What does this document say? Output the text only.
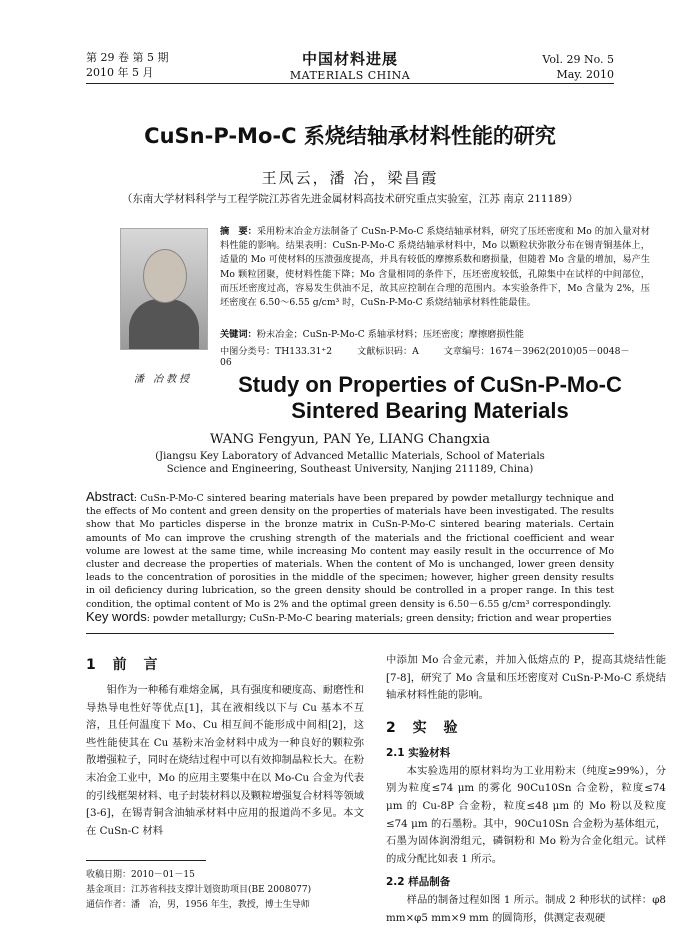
第 29 卷 第 5 期
2010 年 5 月
中国材料进展
MATERIALS CHINA
Vol. 29 No. 5
May. 2010
CuSn-P-Mo-C 系烧结轴承材料性能的研究
王凤云，潘 冶，梁昌霞
（东南大学材料科学与工程学院江苏省先进金属材料高技术研究重点实验室，江苏 南京 211189）
潘 冶教授
摘　要：采用粉末冶金方法制备了 CuSn-P-Mo-C 系烧结轴承材料，研究了压坯密度和 Mo 的加入量对材料性能的影响。结果表明：CuSn-P-Mo-C 系烧结轴承材料中，Mo 以颗粒状弥散分布在锡青铜基体上，适量的 Mo 可使材料的压溃强度提高，并具有较低的摩擦系数和磨损量，但随着 Mo 含量的增加，易产生 Mo 颗粒团聚，使材料性能下降；Mo 含量相同的条件下，压坯密度较低，孔隙集中在试样的中间部位，而压坯密度过高，容易发生供油不足，故其应控制在合理的范围内。本实验条件下，Mo 含量为 2%，压坯密度在 6.50～6.55 g/cm³ 时，CuSn-P-Mo-C 系烧结轴承材料性能最佳。
关键词：粉末冶金；CuSn-P-Mo-C 系轴承材料；压坯密度；摩擦磨损性能
中图分类号：TH133.31⁺2	文献标识码：A	文章编号：1674－3962(2010)05－0048－06
Study on Properties of CuSn-P-Mo-C Sintered Bearing Materials
WANG Fengyun, PAN Ye, LIANG Changxia
(Jiangsu Key Laboratory of Advanced Metallic Materials, School of Materials
Science and Engineering, Southeast University, Nanjing 211189, China)
Abstract: CuSn-P-Mo-C sintered bearing materials have been prepared by powder metallurgy technique and the effects of Mo content and green density on the properties of materials have been investigated. The results show that Mo particles disperse in the bronze matrix in CuSn-P-Mo-C sintered bearing materials. Certain amounts of Mo can improve the crushing strength of the materials and the frictional coefficient and wear volume are lowest at the same time, while increasing Mo content may easily result in the occurrence of Mo cluster and decrease the properties of materials. When the content of Mo is unchanged, lower green density leads to the concentration of porosities in the middle of the specimen; however, higher green density results in oil deficiency during lubrication, so the green density should be controlled in a proper range. In this test condition, the optimal content of Mo is 2% and the optimal green density is 6.50－6.55 g/cm³ correspondingly.
Key words: powder metallurgy; CuSn-P-Mo-C bearing materials; green density; friction and wear properties
1 前 言

钼作为一种稀有难熔金属，具有强度和硬度高、耐磨性和导热导电性好等优点[1]，其在液相线以下与 Cu 基本不互溶，且任何温度下 Mo、Cu 相互间不能形成中间相[2]，这些性能使其在 Cu 基粉末冶金材料中成为一种良好的颗粒弥散增强粒子，同时在烧结过程中可以有效抑制晶粒长大。在粉末冶金工业中，Mo 的应用主要集中在以 Mo-Cu 合金为代表的引线框架材料、电子封装材料以及颗粒增强复合材料等领域[3-6]，在锡青铜含油轴承材料中应用的报道尚不多见。本文在 CuSn-C 材料

中添加 Mo 合金元素，并加入低熔点的 P，提高其烧结性能[7-8]，研究了 Mo 含量和压坯密度对 CuSn-P-Mo-C 系烧结轴承材料性能的影响。

2 实 验
2.1 实验材料

本实验选用的原材料均为工业用粉末（纯度≥99%），分别为粒度≤74 μm 的雾化 90Cu10Sn 合金粉，粒度≤74 μm 的 Cu-8P 合金粉，粒度≤48 μm 的 Mo 粉以及粒度≤74 μm 的石墨粉。其中，90Cu10Sn 合金粉为基体组元，石墨为固体润滑组元，磷铜粉和 Mo 粉为合金化组元。试样的成分配比如表 1 所示。

2.2 样品制备

样品的制备过程如图 1 所示。制成 2 种形状的试样：φ8 mm×φ5 mm×9 mm 的圆筒形，供测定表观硬

收稿日期：2010－01－15
基金项目：江苏省科技支撑计划资助项目(BE 2008077)
通信作者：潘　冶，男，1956 年生，教授，博士生导师
